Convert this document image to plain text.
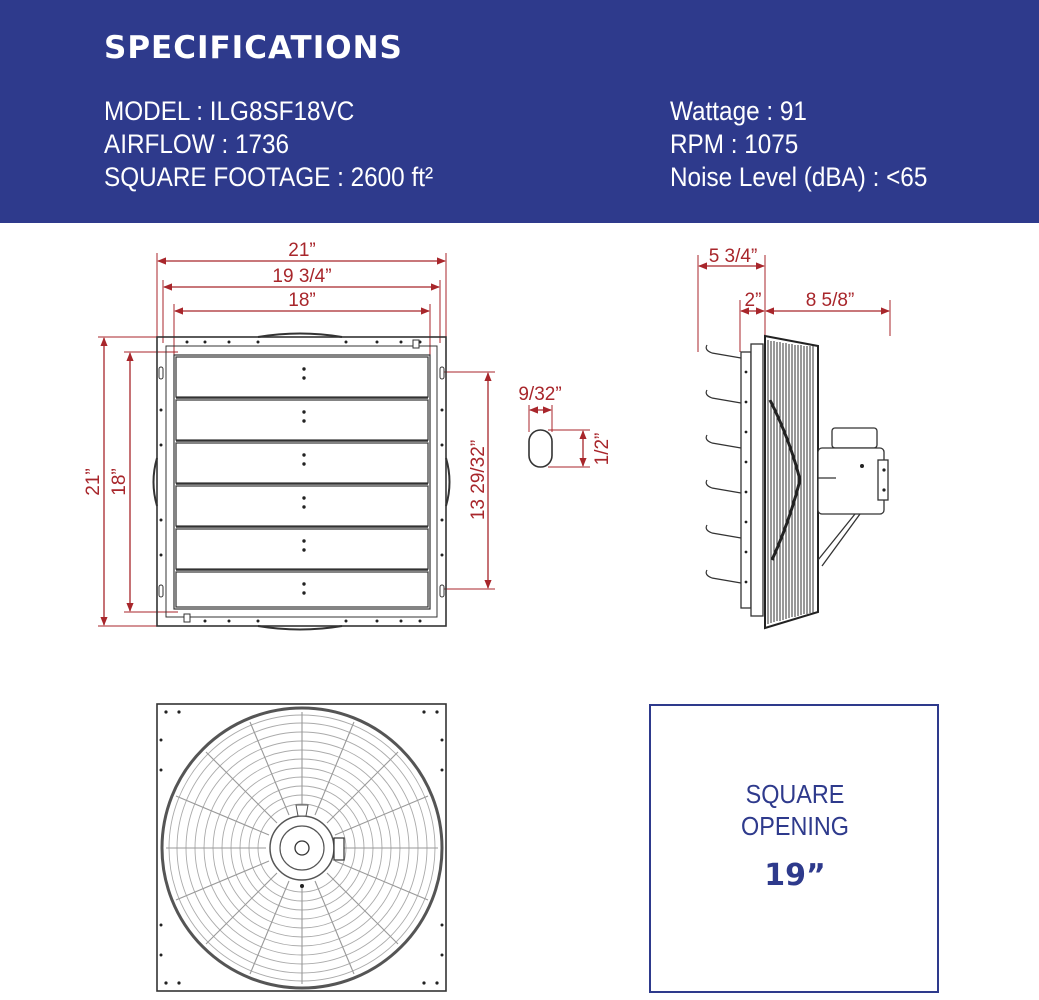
SPECIFICATIONS
MODEL : ILG8SF18VC
AIRFLOW : 1736
SQUARE FOOTAGE : 2600 ft²
Wattage : 91
RPM : 1075
Noise Level (dBA) : <65
21”
19 3/4”
18”
21” 18”	13 29/32”
9/32”
1/2”
5 3/4”
2” 8 5/8”
SQUARE
OPENING
19”
